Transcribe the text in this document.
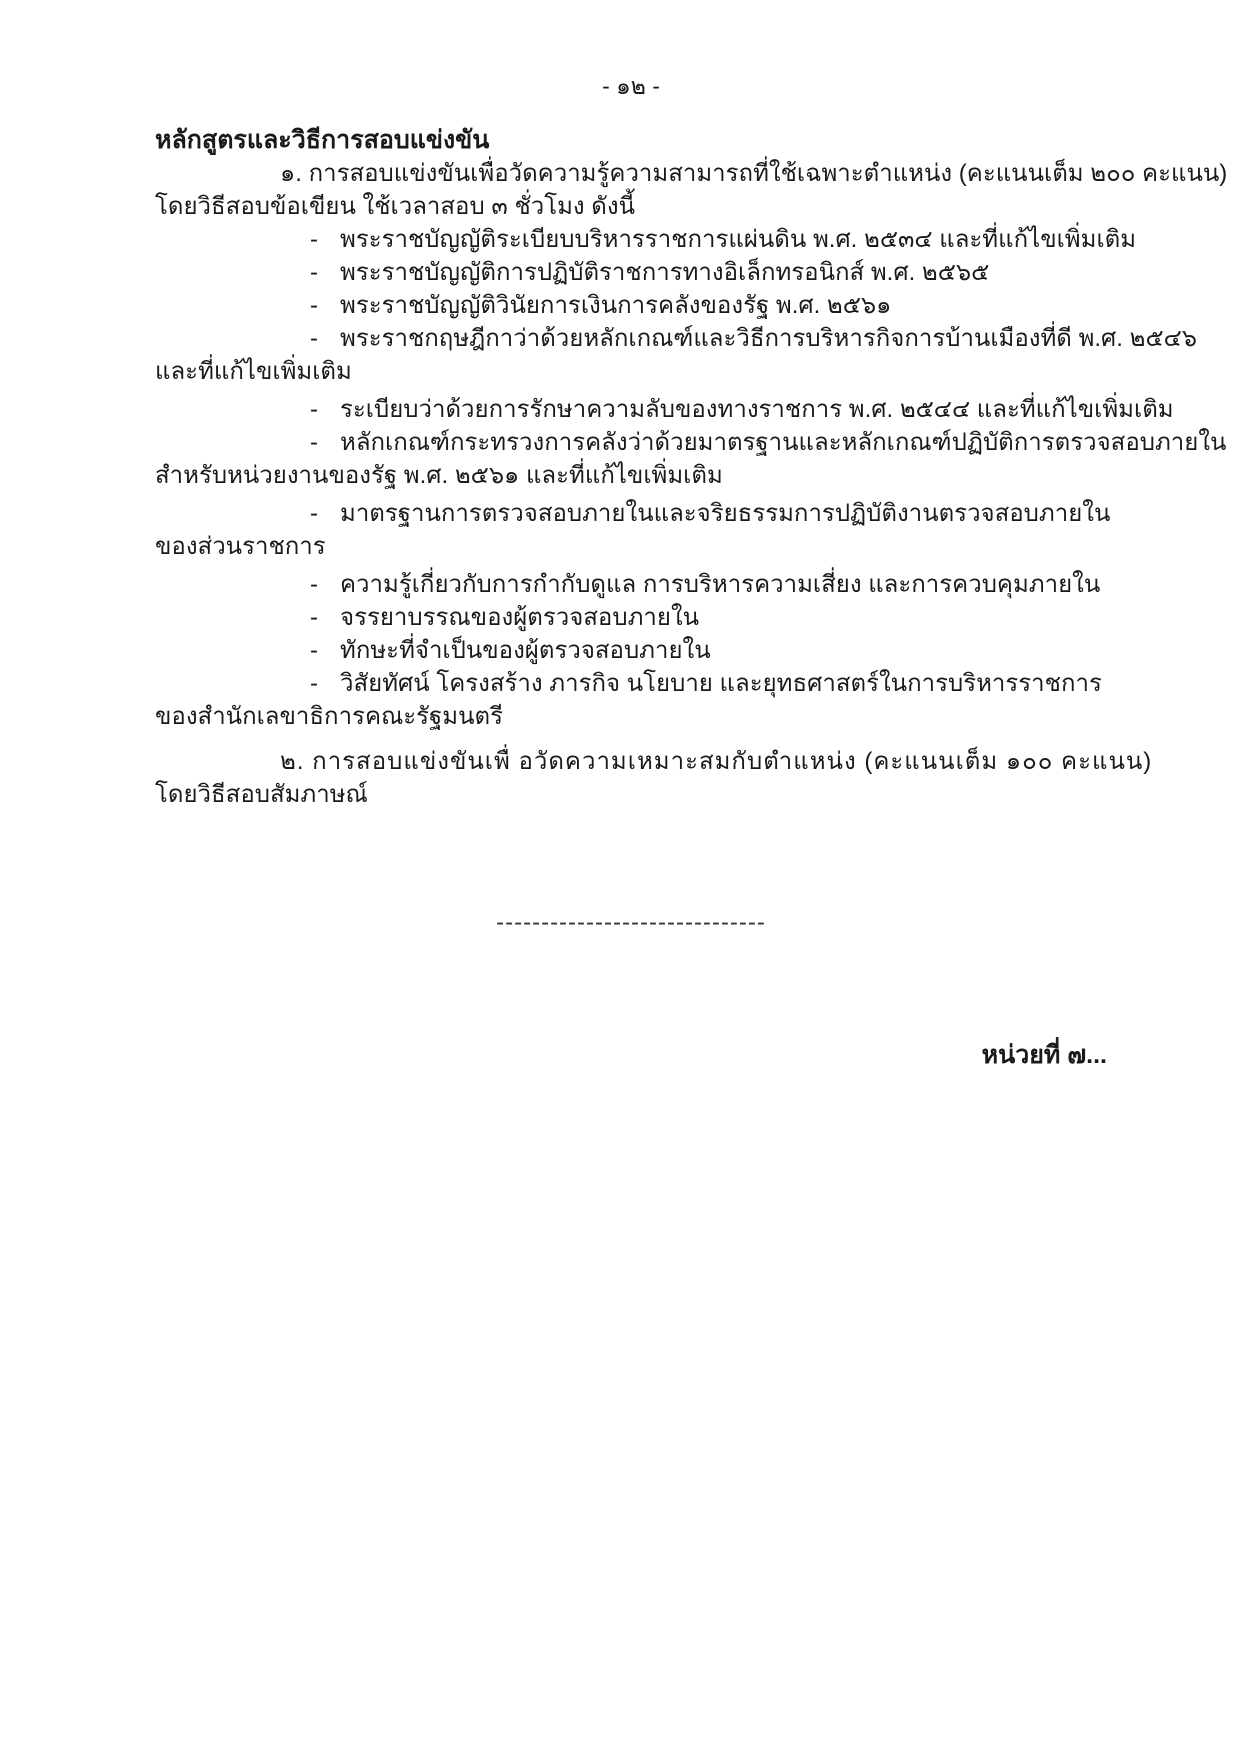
- ๑๒ -
หลักสูตรและวิธีการสอบแข่งขัน
๑. การสอบแข่งขันเพื่อวัดความรู้ความสามารถที่ใช้เฉพาะตำแหน่ง (คะแนนเต็ม ๒๐๐ คะแนน)
โดยวิธีสอบข้อเขียน ใช้เวลาสอบ ๓ ชั่วโมง ดังนี้
- พระราชบัญญัติระเบียบบริหารราชการแผ่นดิน พ.ศ. ๒๕๓๔ และที่แก้ไขเพิ่มเติม
- พระราชบัญญัติการปฏิบัติราชการทางอิเล็กทรอนิกส์ พ.ศ. ๒๕๖๕
- พระราชบัญญัติวินัยการเงินการคลังของรัฐ พ.ศ. ๒๕๖๑
- พระราชกฤษฎีกาว่าด้วยหลักเกณฑ์และวิธีการบริหารกิจการบ้านเมืองที่ดี พ.ศ. ๒๕๔๖
และที่แก้ไขเพิ่มเติม
- ระเบียบว่าด้วยการรักษาความลับของทางราชการ พ.ศ. ๒๕๔๔ และที่แก้ไขเพิ่มเติม
- หลักเกณฑ์กระทรวงการคลังว่าด้วยมาตรฐานและหลักเกณฑ์ปฏิบัติการตรวจสอบภายใน
สำหรับหน่วยงานของรัฐ พ.ศ. ๒๕๖๑ และที่แก้ไขเพิ่มเติม
- มาตรฐานการตรวจสอบภายในและจริยธรรมการปฏิบัติงานตรวจสอบภายใน
ของส่วนราชการ
- ความรู้เกี่ยวกับการกำกับดูแล การบริหารความเสี่ยง และการควบคุมภายใน
- จรรยาบรรณของผู้ตรวจสอบภายใน
- ทักษะที่จำเป็นของผู้ตรวจสอบภายใน
- วิสัยทัศน์ โครงสร้าง ภารกิจ นโยบาย และยุทธศาสตร์ในการบริหารราชการ
ของสำนักเลขาธิการคณะรัฐมนตรี
๒. การสอบแข่งขันเพื่ อวัดความเหมาะสมกับตำแหน่ง (คะแนนเต็ม ๑๐๐ คะแนน)
โดยวิธีสอบสัมภาษณ์
------------------------------
หน่วยที่ ๗...
